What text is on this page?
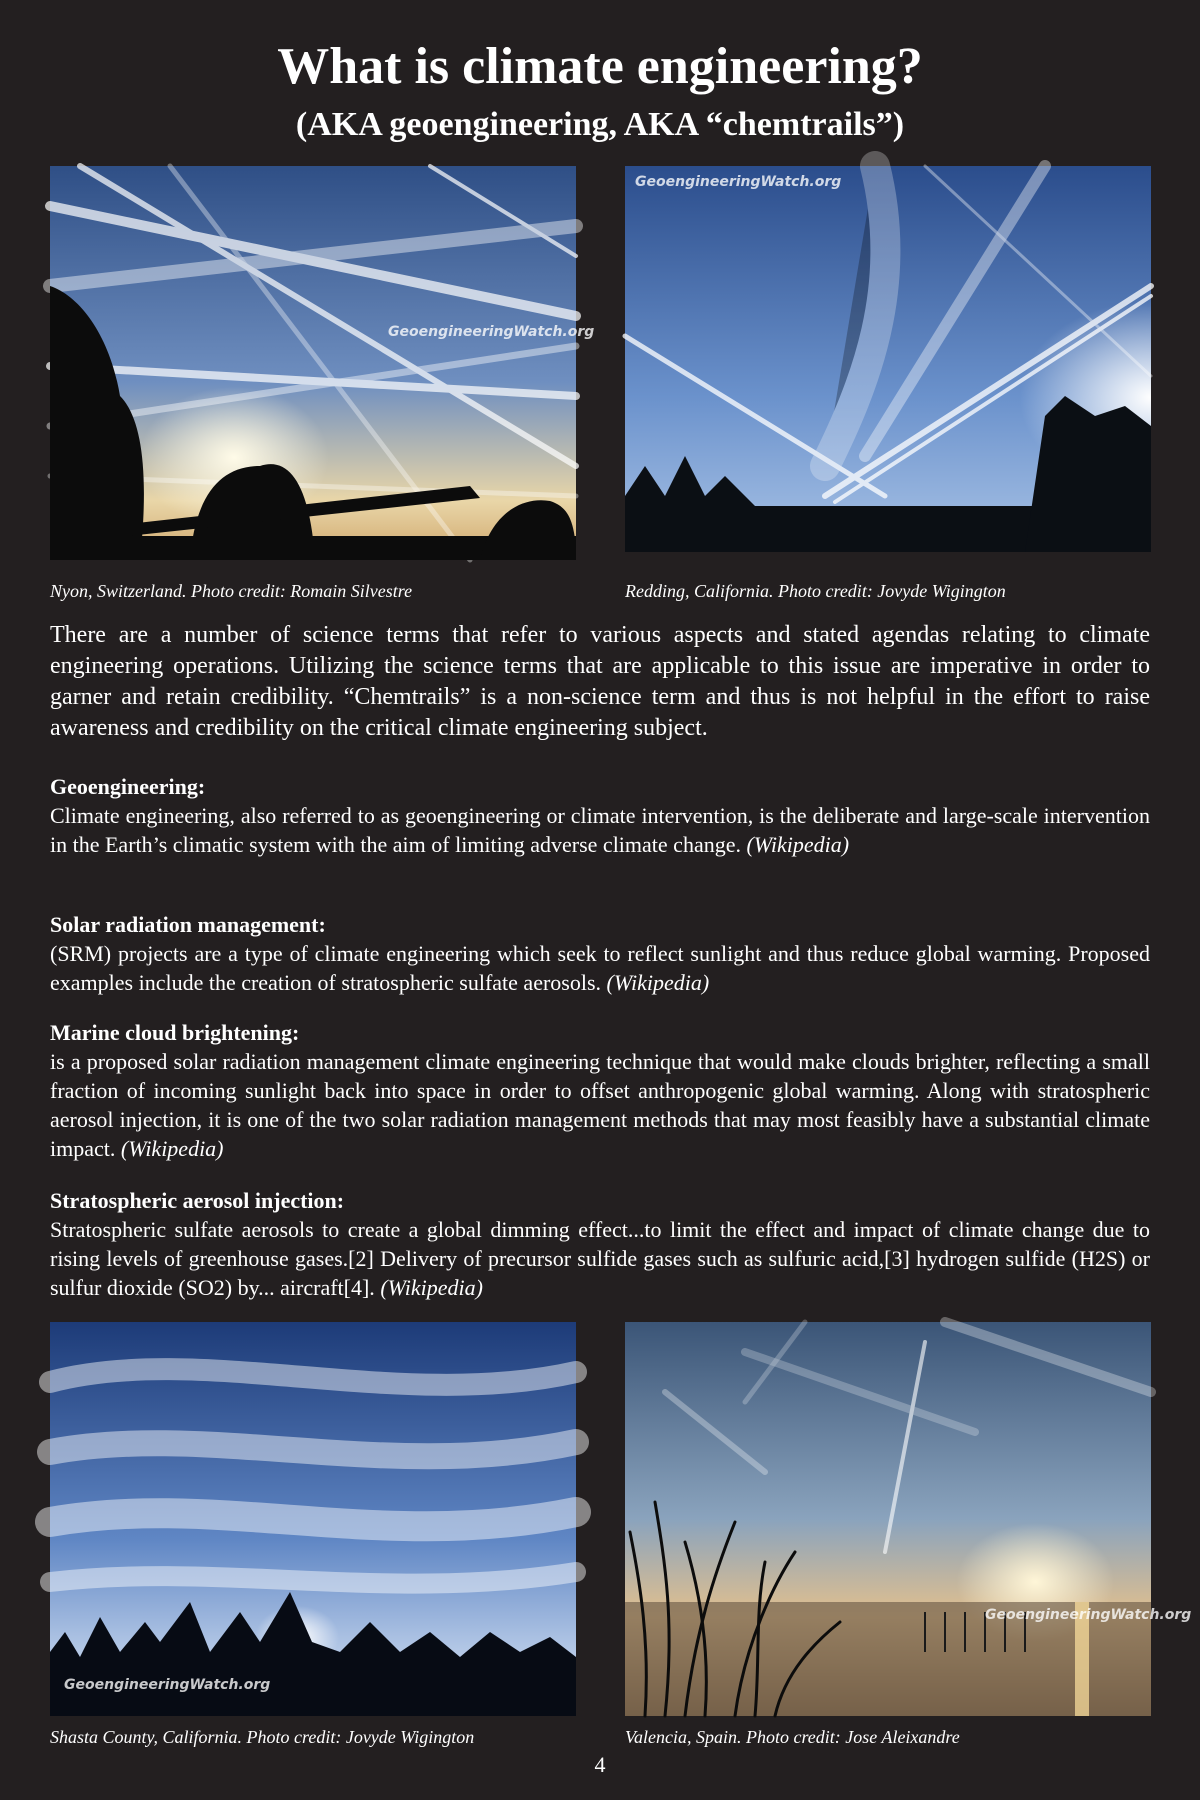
What is climate engineering?
(AKA geoengineering, AKA “chemtrails”)
GeoengineeringWatch.org
Nyon, Switzerland. Photo credit: Romain Silvestre
GeoengineeringWatch.org
Redding, California. Photo credit: Jovyde Wigington
There are a number of science terms that refer to various aspects and stated agendas relating to climate engineering operations. Utilizing the science terms that are applicable to this issue are imperative in order to garner and retain credibility. “Chemtrails” is a non-science term and thus is not helpful in the effort to raise awareness and credibility on the critical climate engineering subject.
Geoengineering:
Climate engineering, also referred to as geoengineering or climate intervention, is the deliberate and large-scale intervention in the Earth’s climatic system with the aim of limiting adverse climate change. (Wikipedia)
Solar radiation management:
(SRM) projects are a type of climate engineering which seek to reflect sunlight and thus reduce global warming. Proposed examples include the creation of stratospheric sulfate aerosols. (Wikipedia)
Marine cloud brightening:
is a proposed solar radiation management climate engineering technique that would make clouds brighter, reflecting a small fraction of incoming sunlight back into space in order to offset anthropogenic global warming. Along with stratospheric aerosol injection, it is one of the two solar radiation management methods that may most feasibly have a substantial climate impact. (Wikipedia)
Stratospheric aerosol injection:
Stratospheric sulfate aerosols to create a global dimming effect...to limit the effect and impact of climate change due to rising levels of greenhouse gases.[2] Delivery of precursor sulfide gases such as sulfuric acid,[3] hydrogen sulfide (H2S) or sulfur dioxide (SO2) by... aircraft[4]. (Wikipedia)
GeoengineeringWatch.org
Shasta County, California. Photo credit: Jovyde Wigington
GeoengineeringWatch.org
Valencia, Spain. Photo credit: Jose Aleixandre
4
